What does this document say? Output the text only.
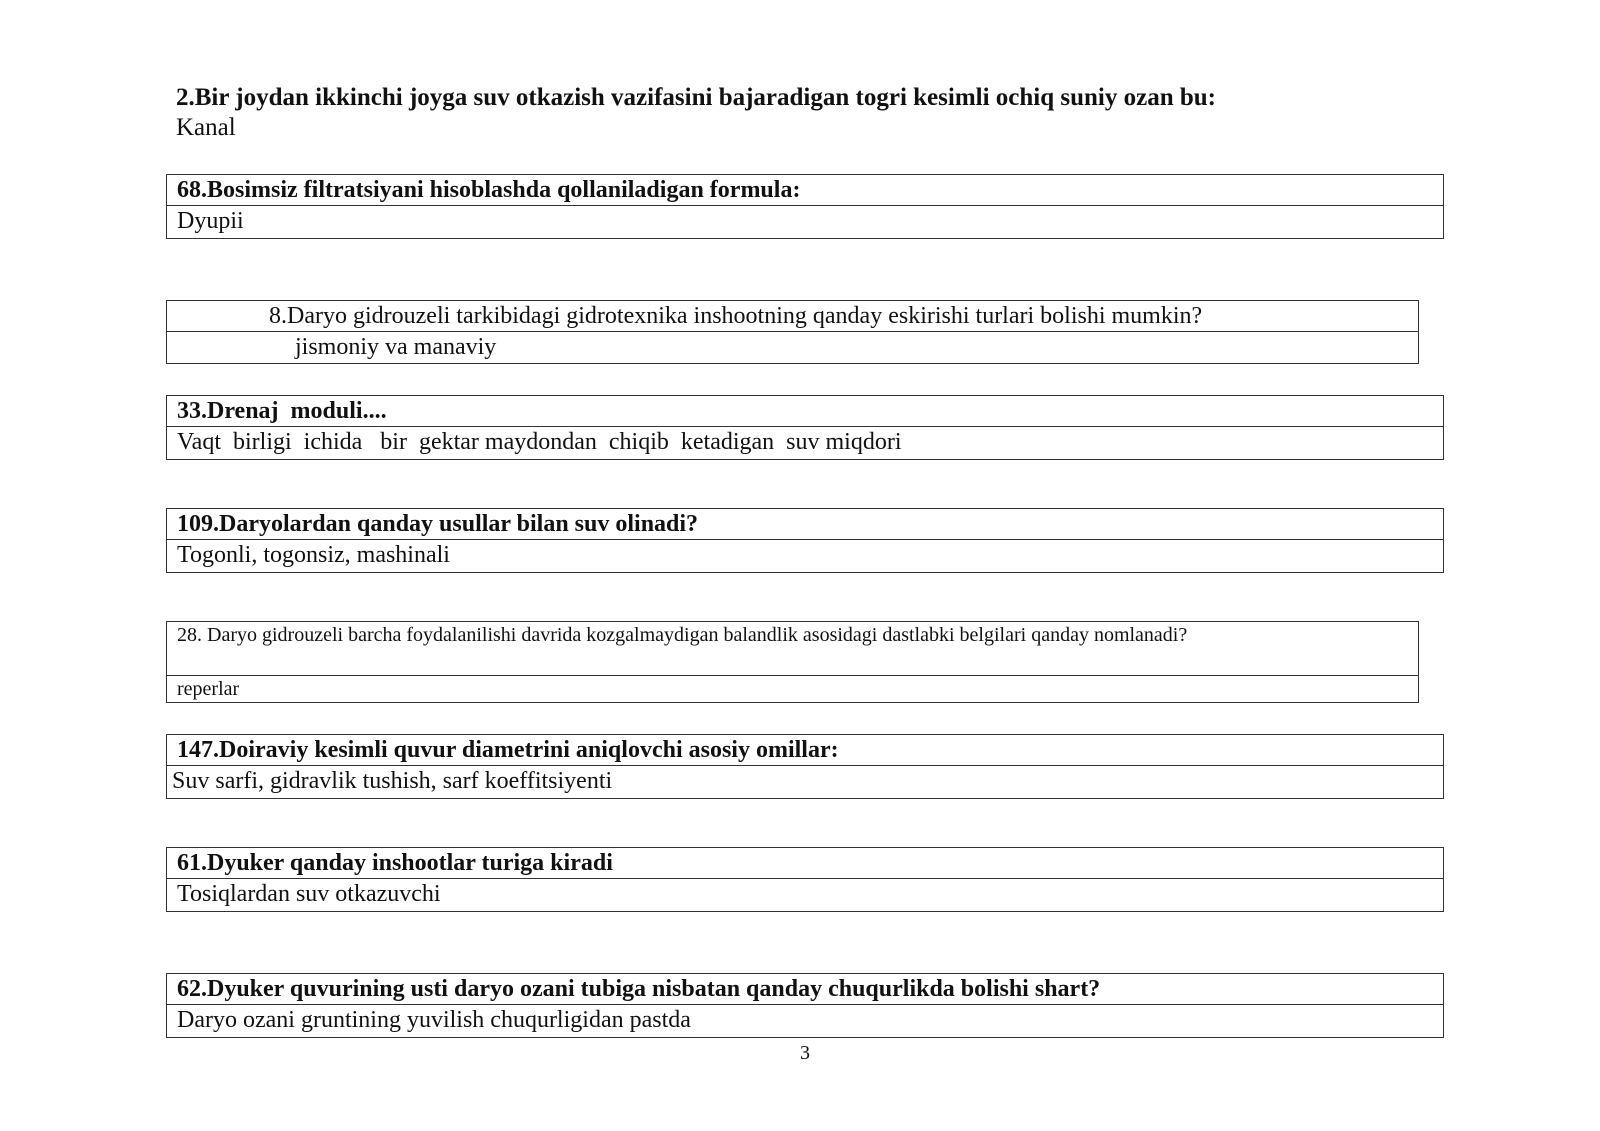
2.Bir joydan ikkinchi joyga suv otkazish vazifasini bajaradigan togri kesimli ochiq suniy ozan bu:
Kanal
68.Bosimsiz filtratsiyani hisoblashda qollaniladigan formula:
Dyupii
8.Daryo gidrouzeli tarkibidagi gidrotexnika inshootning qanday eskirishi turlari bolishi mumkin?
jismoniy va manaviy
33.Drenaj  moduli....
Vaqt  birligi  ichida   bir  gektar maydondan  chiqib  ketadigan  suv miqdori
109.Daryolardan qanday usullar bilan suv olinadi?
Togonli, togonsiz, mashinali
28. Daryo gidrouzeli barcha foydalanilishi davrida kozgalmaydigan balandlik asosidagi dastlabki belgilari qanday nomlanadi?
reperlar
147.Doiraviy kesimli quvur diametrini aniqlovchi asosiy omillar:
Suv sarfi, gidravlik tushish, sarf koeffitsiyenti
61.Dyuker qanday inshootlar turiga kiradi
Tosiqlardan suv otkazuvchi
62.Dyuker quvurining usti daryo ozani tubiga nisbatan qanday chuqurlikda bolishi shart?
Daryo ozani gruntining yuvilish chuqurligidan pastda
3
